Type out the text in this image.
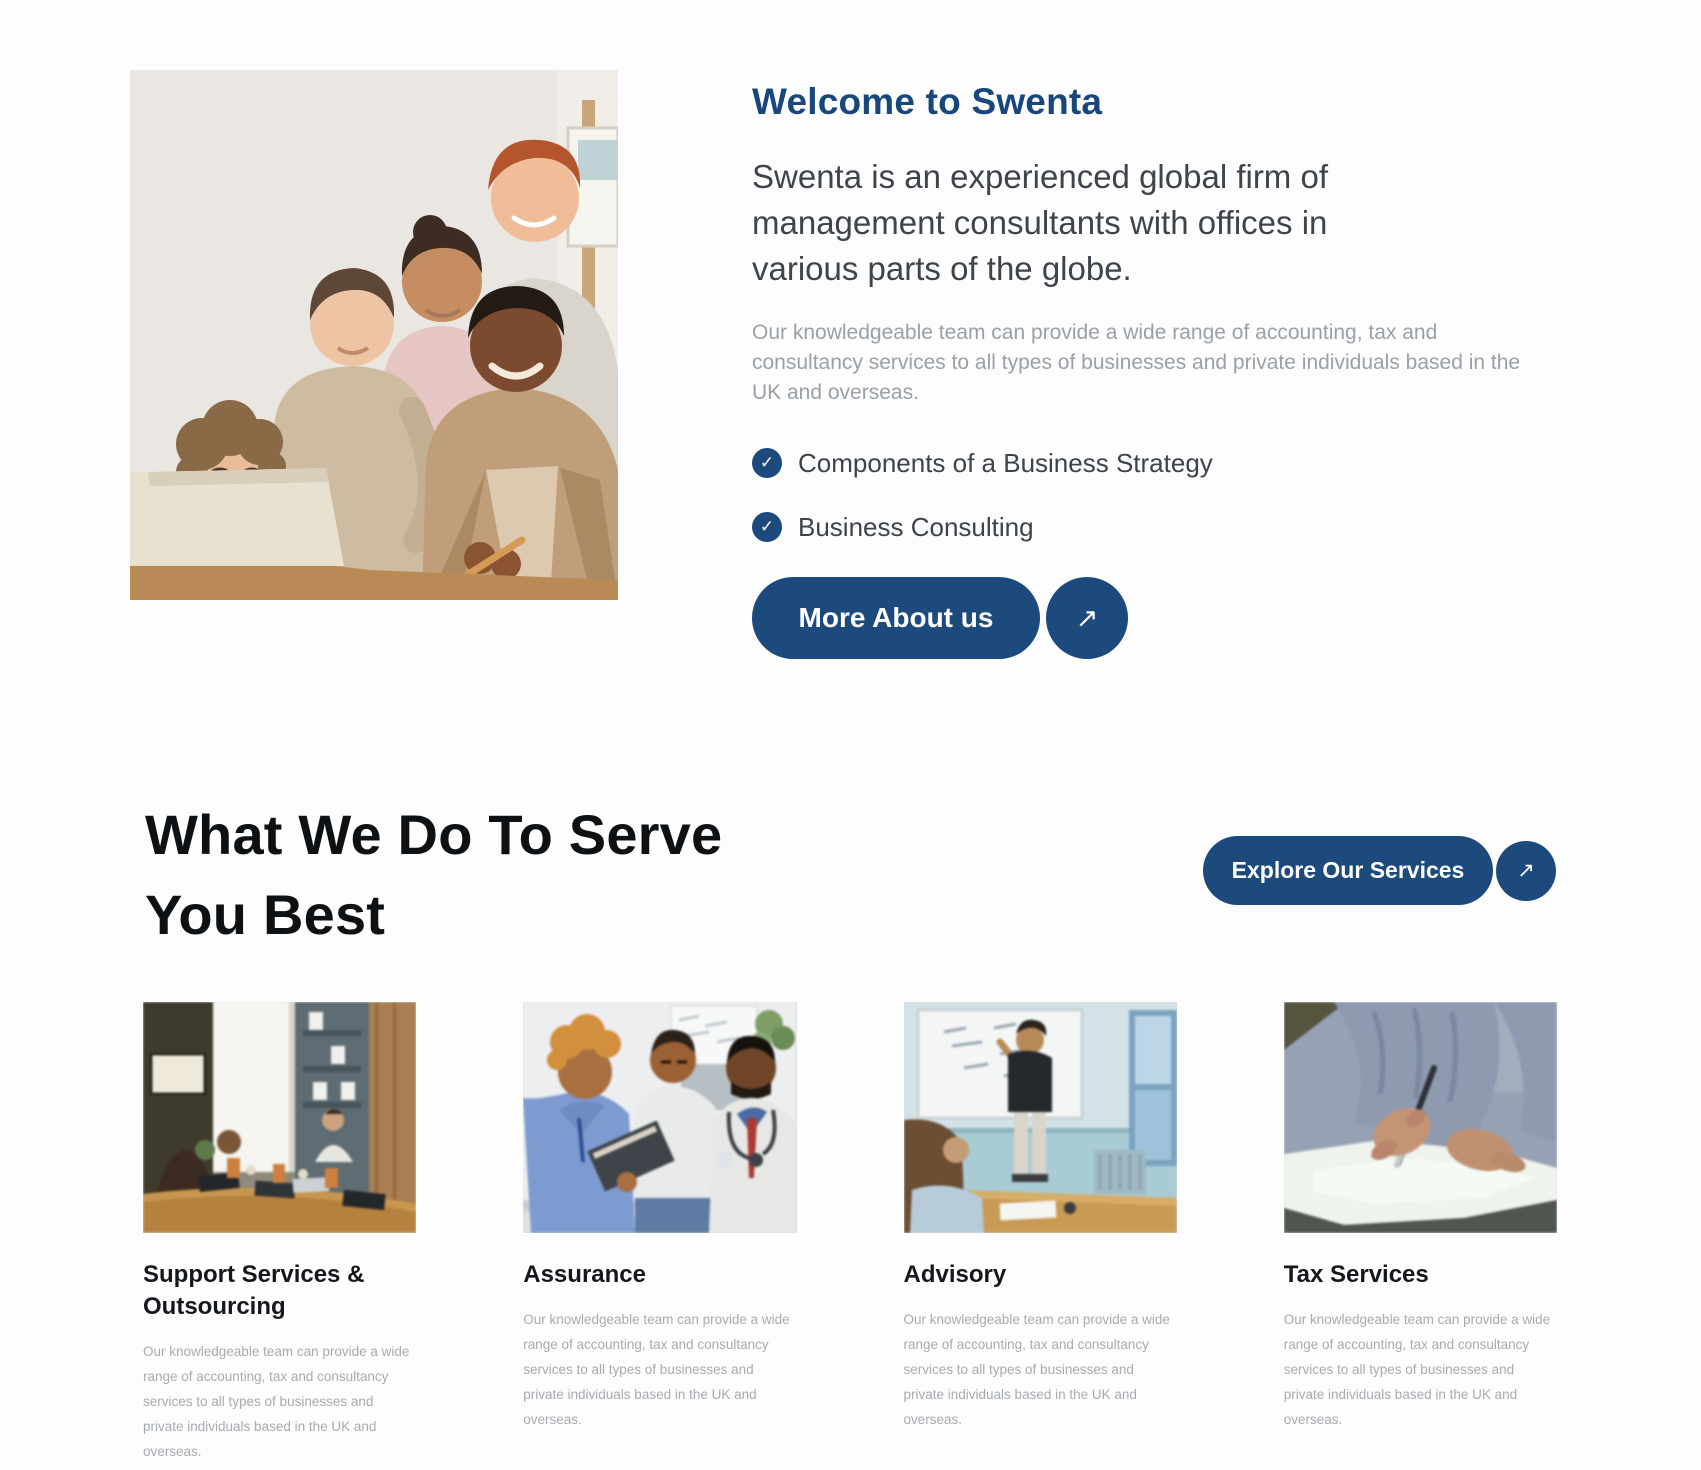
Welcome to Swenta
Swenta is an experienced global firm of
management consultants with offices in
various parts of the globe.
Our knowledgeable team can provide a wide range of accounting, tax and consultancy services to all types of businesses and private individuals based in the UK and overseas.
✓ Components of a Business Strategy
✓ Business Consulting
More About us	↗
What We Do To Serve You Best
Explore Our Services	↗
Support Services & Outsourcing
Our knowledgeable team can provide a wide range of accounting, tax and consultancy services to all types of businesses and private individuals based in the UK and overseas.
Assurance
Our knowledgeable team can provide a wide range of accounting, tax and consultancy services to all types of businesses and private individuals based in the UK and overseas.
Advisory
Our knowledgeable team can provide a wide range of accounting, tax and consultancy services to all types of businesses and private individuals based in the UK and overseas.
Tax Services
Our knowledgeable team can provide a wide range of accounting, tax and consultancy services to all types of businesses and private individuals based in the UK and overseas.
